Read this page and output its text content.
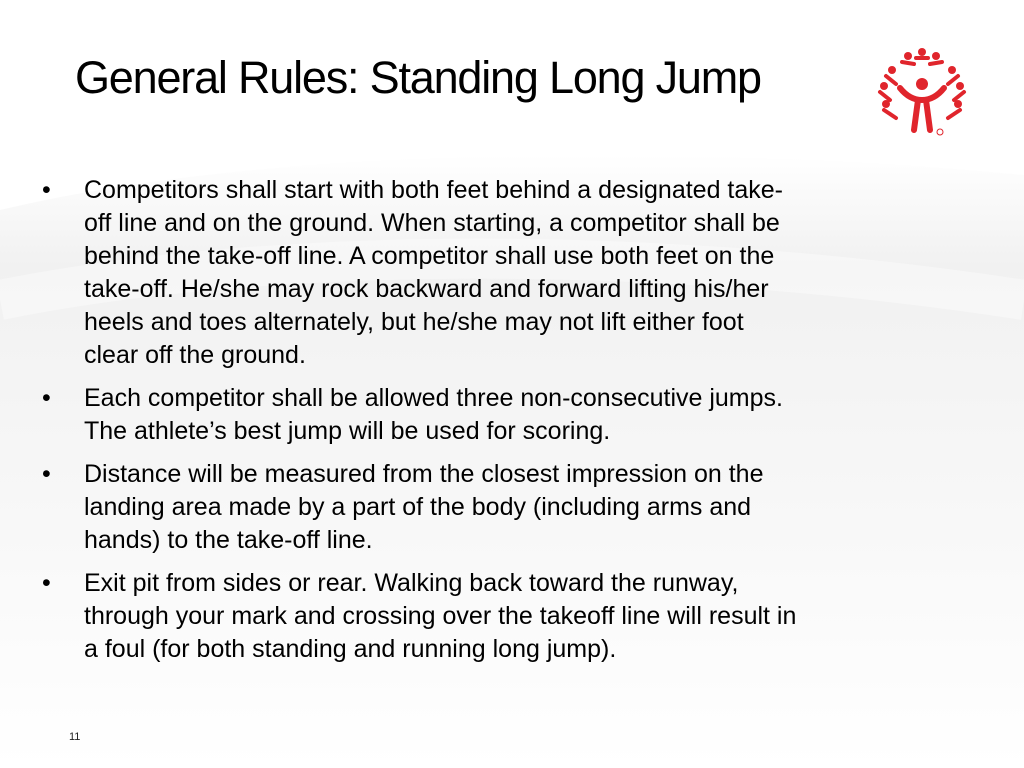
General Rules: Standing Long Jump
•	Competitors shall start with both feet behind a designated take-
off line and on the ground. When starting, a competitor shall be
behind the take-off line. A competitor shall use both feet on the
take-off. He/she may rock backward and forward lifting his/her
heels and toes alternately, but he/she may not lift either foot
clear off the ground.
•	Each competitor shall be allowed three non-consecutive jumps.
The athlete’s best jump will be used for scoring.
•	Distance will be measured from the closest impression on the
landing area made by a part of the body (including arms and
hands) to the take-off line.
•	Exit pit from sides or rear. Walking back toward the runway,
through your mark and crossing over the takeoff line will result in
a foul (for both standing and running long jump).
11
